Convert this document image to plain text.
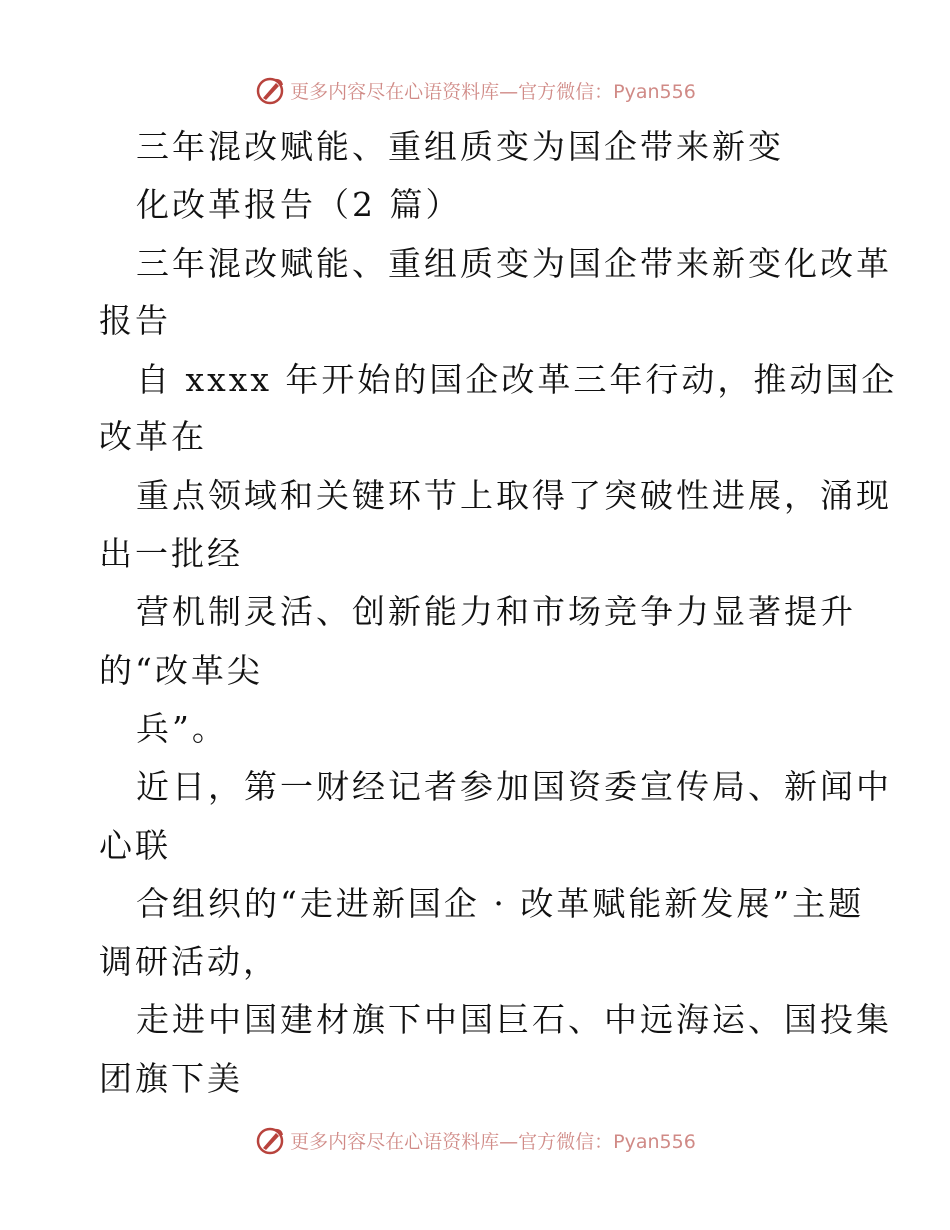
更多内容尽在心语资料库—官方微信：Pyan556
三年混改赋能、重组质变为国企带来新变
化改革报告（2 篇）
三年混改赋能、重组质变为国企带来新变化改革
报告
自 xxxx 年开始的国企改革三年行动，推动国企
改革在
重点领域和关键环节上取得了突破性进展，涌现
出一批经
营机制灵活、创新能力和市场竞争力显著提升
的“改革尖
兵”。
近日，第一财经记者参加国资委宣传局、新闻中
心联
合组织的“走进新国企 · 改革赋能新发展”主题
调研活动，
走进中国建材旗下中国巨石、中远海运、国投集
团旗下美
更多内容尽在心语资料库—官方微信：Pyan556
